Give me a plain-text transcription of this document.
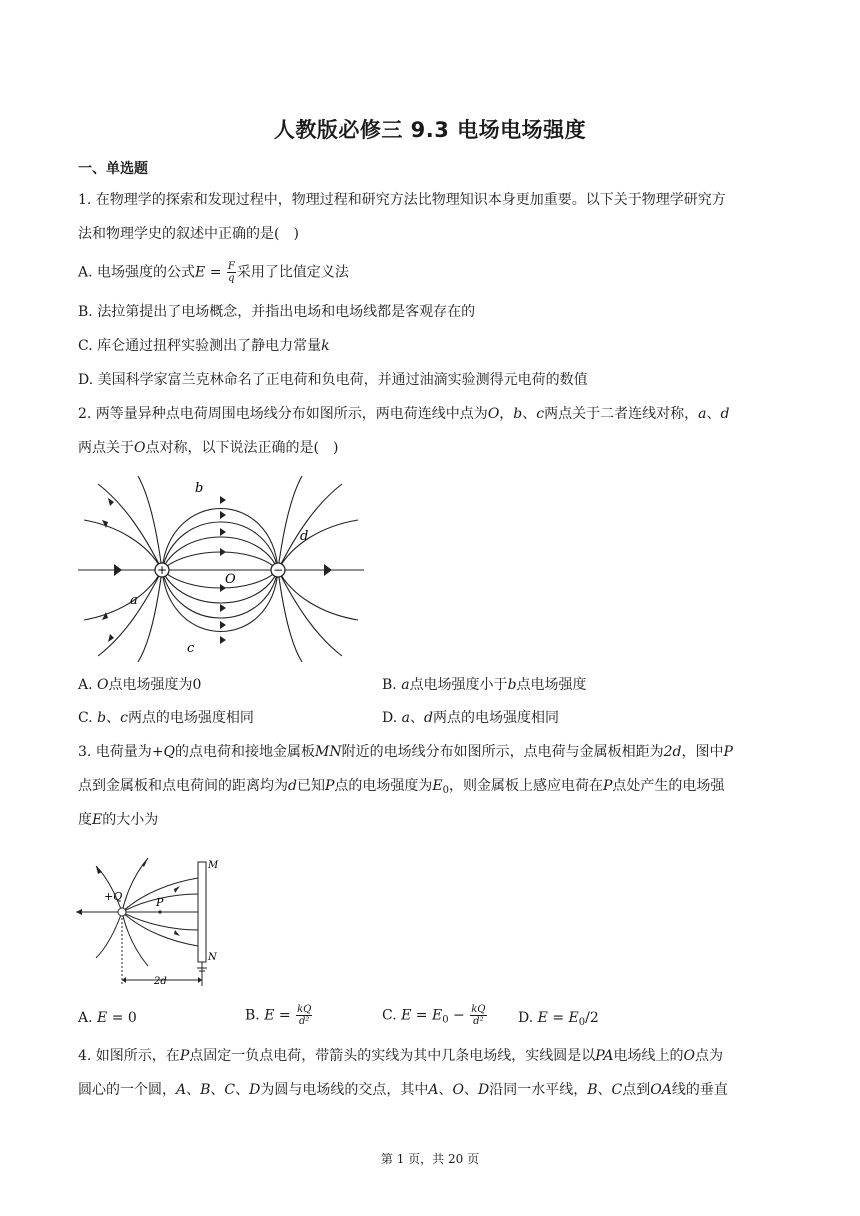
人教版必修三 9.3 电场电场强度
一、单选题
1. 在物理学的探索和发现过程中，物理过程和研究方法比物理知识本身更加重要。以下关于物理学研究方
法和物理学史的叙述中正确的是(　)
A. 电场强度的公式$E = \frac{F}{q}$ 采用了比值定义法
B. 法拉第提出了电场概念，并指出电场和电场线都是客观存在的
C. 库仑通过扭秤实验测出了静电力常量k
D. 美国科学家富兰克林命名了正电荷和负电荷，并通过油滴实验测得元电荷的数值
2. 两等量异种点电荷周围电场线分布如图所示，两电荷连线中点为O，b、c两点关于二者连线对称，a、d
两点关于O点对称，以下说法正确的是(　)
+	−
b
d
O
a
c
A. O点电场强度为0	B. a点电场强度小于b点电场强度
C. b、c两点的电场强度相同	D. a、d两点的电场强度相同
3. 电荷量为+Q的点电荷和接地金属板MN附近的电场线分布如图所示，点电荷与金属板相距为2d，图中P
点到金属板和点电荷间的距离均为d已知P点的电场强度为$E_0$，则金属板上感应电荷在P点处产生的电场强
度E的大小为
+Q	P
M
N
2d
A. E = 0	B. $E = \frac{kQ}{\text{d²}}$	C. $E = E_0 - \frac{kQ}{\text{d²}} D$. $E = E_0/2$
4. 如图所示，在P点固定一负点电荷，带箭头的实线为其中几条电场线，实线圆是以PA电场线上的O点为
圆心的一个圆，A、B、C、D为圆与电场线的交点，其中A、O、D沿同一水平线，B、C点到OA线的垂直
第 1 页，共 20 页
